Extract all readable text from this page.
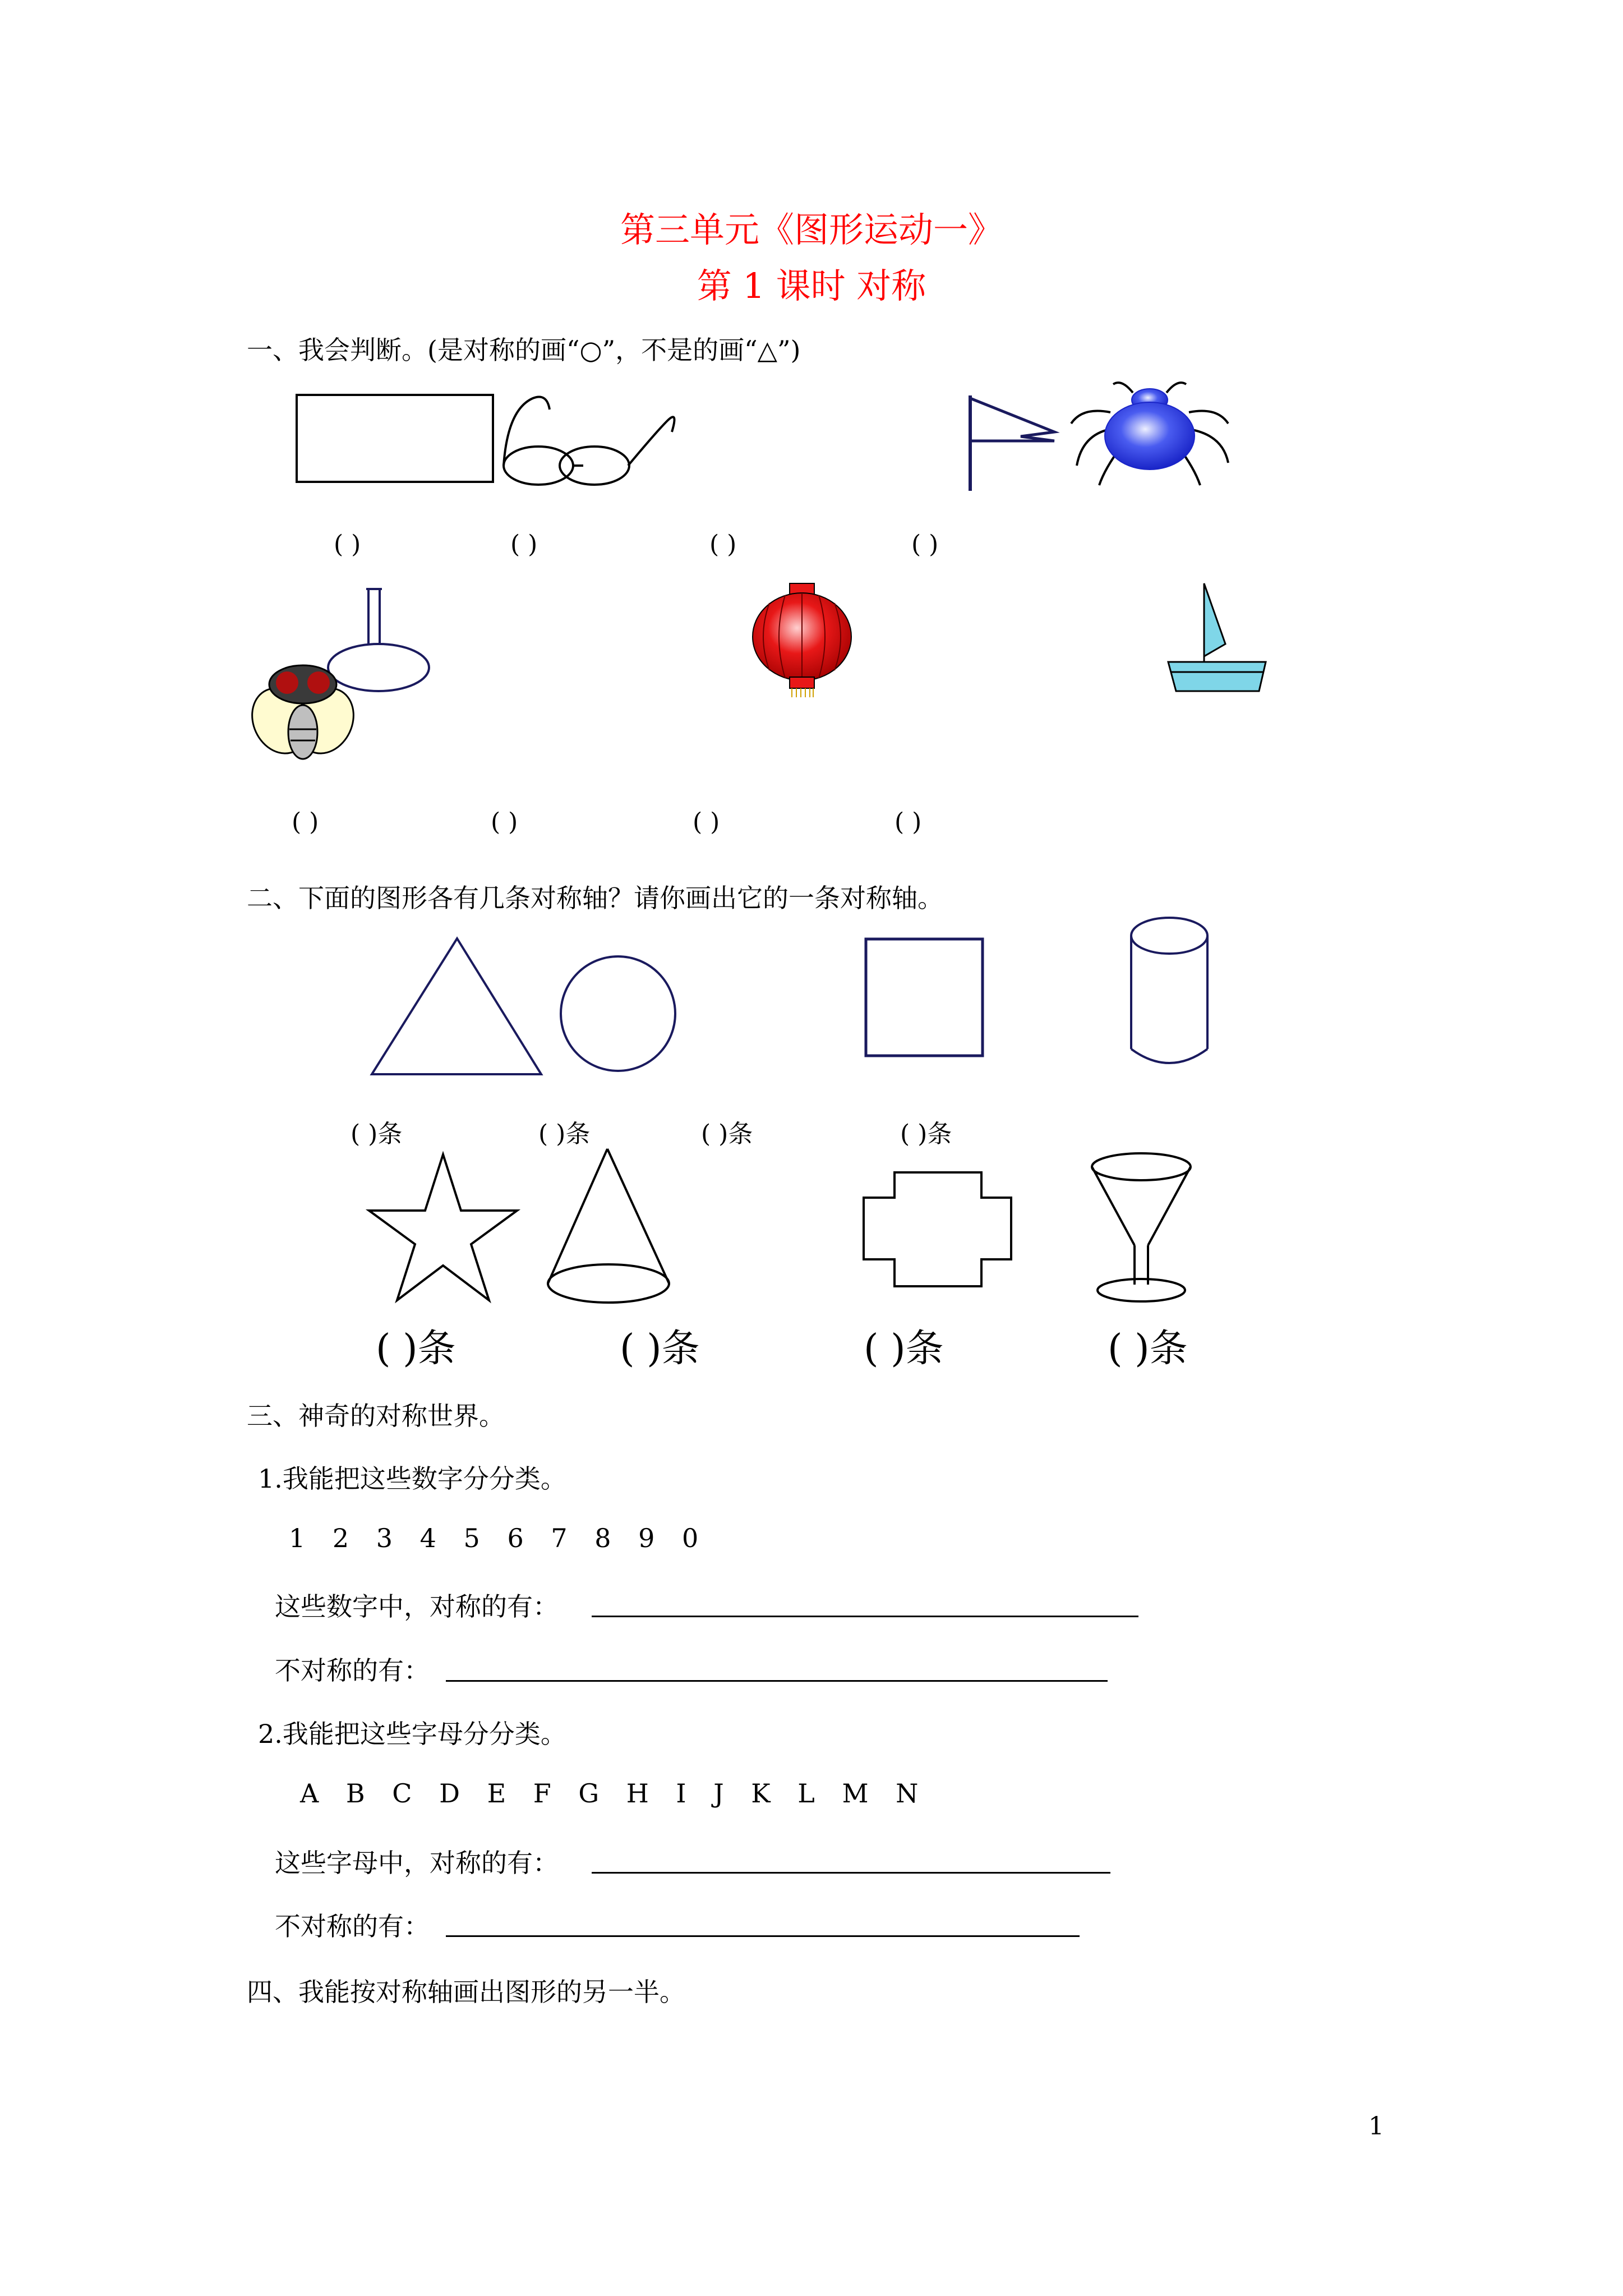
第三单元《图形运动一》
第 1 课时 对称
一、我会判断。(是对称的画“○”，不是的画“△”)
( )	( )	( )	( )
( )	( )	( )	( )
二、下面的图形各有几条对称轴？请你画出它的一条对称轴。
( )条	( )条	( )条	( )条
( )条	( )条	( )条	( )条
三、神奇的对称世界。
1.我能把这些数字分分类。
1 2 3 4 5 6 7 8 9 0
这些数字中，对称的有：
不对称的有：
2.我能把这些字母分分类。
A B C D E F G H I J K L M N
这些字母中，对称的有：
不对称的有：
四、我能按对称轴画出图形的另一半。
1
